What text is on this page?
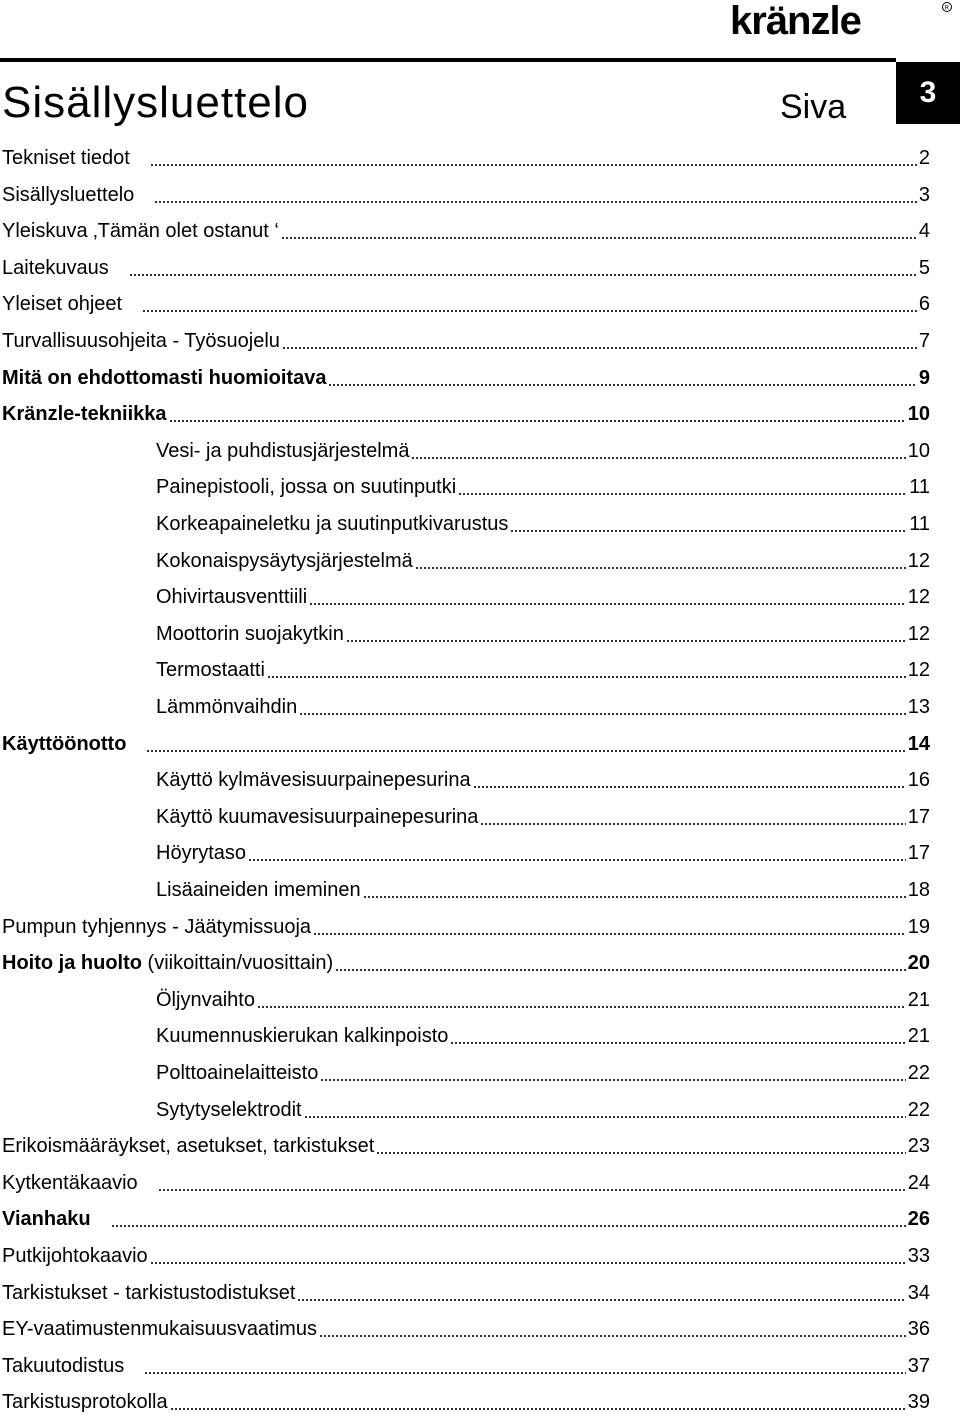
kränzle	R
3
Sisällysluettelo	Siva
Tekniset tiedot	2
Sisällysluettelo	3
Yleiskuva ‚Tämän olet ostanut ‘	4
Laitekuvaus	5
Yleiset ohjeet	6
Turvallisuusohjeita - Työsuojelu	7
Mitä on ehdottomasti huomioitava	9
Kränzle-tekniikka	10
Vesi- ja puhdistusjärjestelmä	10
Painepistooli, jossa on suutinputki	11
Korkeapaineletku ja suutinputkivarustus	11
Kokonaispysäytysjärjestelmä	12
Ohivirtausventtiili	12
Moottorin suojakytkin	12
Termostaatti	12
Lämmönvaihdin	13
Käyttöönotto	14
Käyttö kylmävesisuurpainepesurina	16
Käyttö kuumavesisuurpainepesurina	17
Höyrytaso	17
Lisäaineiden imeminen	18
Pumpun tyhjennys - Jäätymissuoja	19
Hoito ja huolto (viikoittain/vuosittain)	20
Öljynvaihto	21
Kuumennuskierukan kalkinpoisto	21
Polttoainelaitteisto	22
Sytytyselektrodit	22
Erikoismääräykset, asetukset, tarkistukset	23
Kytkentäkaavio	24
Vianhaku	26
Putkijohtokaavio	33
Tarkistukset - tarkistustodistukset	34
EY-vaatimustenmukaisuusvaatimus	36
Takuutodistus	37
Tarkistusprotokolla	39
